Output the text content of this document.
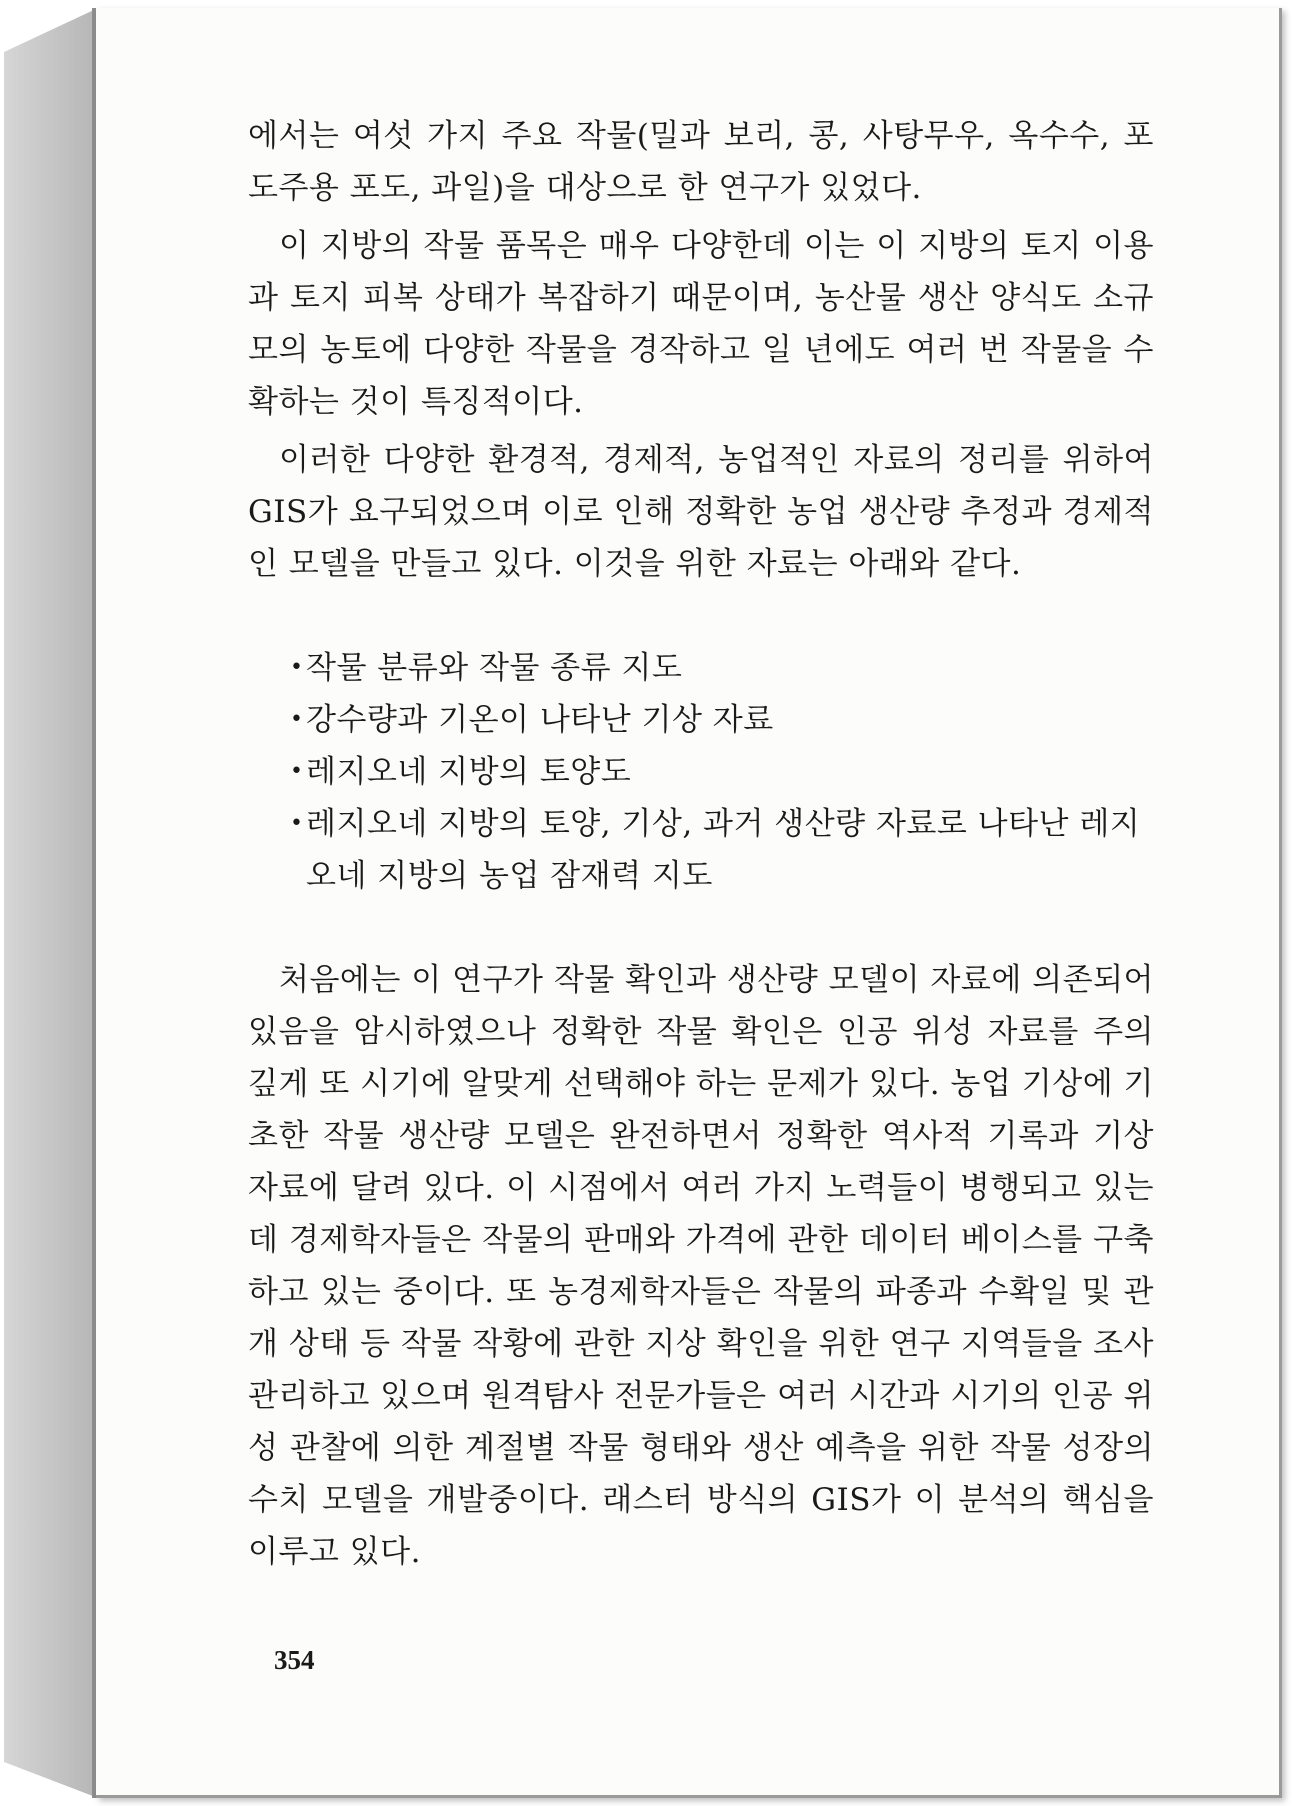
에서는 여섯 가지 주요 작물(밀과 보리, 콩, 사탕무우, 옥수수, 포도주용 포도, 과일)을 대상으로 한 연구가 있었다.

이 지방의 작물 품목은 매우 다양한데 이는 이 지방의 토지 이용과 토지 피복 상태가 복잡하기 때문이며, 농산물 생산 양식도 소규모의 농토에 다양한 작물을 경작하고 일 년에도 여러 번 작물을 수확하는 것이 특징적이다.

이러한 다양한 환경적, 경제적, 농업적인 자료의 정리를 위하여 GIS가 요구되었으며 이로 인해 정확한 농업 생산량 추정과 경제적인 모델을 만들고 있다. 이것을 위한 자료는 아래와 같다.

• 작물 분류와 작물 종류 지도
• 강수량과 기온이 나타난 기상 자료
• 레지오네 지방의 토양도
• 레지오네 지방의 토양, 기상, 과거 생산량 자료로 나타난 레지오네 지방의 농업 잠재력 지도

처음에는 이 연구가 작물 확인과 생산량 모델이 자료에 의존되어 있음을 암시하였으나 정확한 작물 확인은 인공 위성 자료를 주의 깊게 또 시기에 알맞게 선택해야 하는 문제가 있다. 농업 기상에 기초한 작물 생산량 모델은 완전하면서 정확한 역사적 기록과 기상 자료에 달려 있다. 이 시점에서 여러 가지 노력들이 병행되고 있는 데 경제학자들은 작물의 판매와 가격에 관한 데이터 베이스를 구축하고 있는 중이다. 또 농경제학자들은 작물의 파종과 수확일 및 관개 상태 등 작물 작황에 관한 지상 확인을 위한 연구 지역들을 조사 관리하고 있으며 원격탐사 전문가들은 여러 시간과 시기의 인공 위성 관찰에 의한 계절별 작물 형태와 생산 예측을 위한 작물 성장의 수치 모델을 개발중이다. 래스터 방식의 GIS가 이 분석의 핵심을 이루고 있다.

354
